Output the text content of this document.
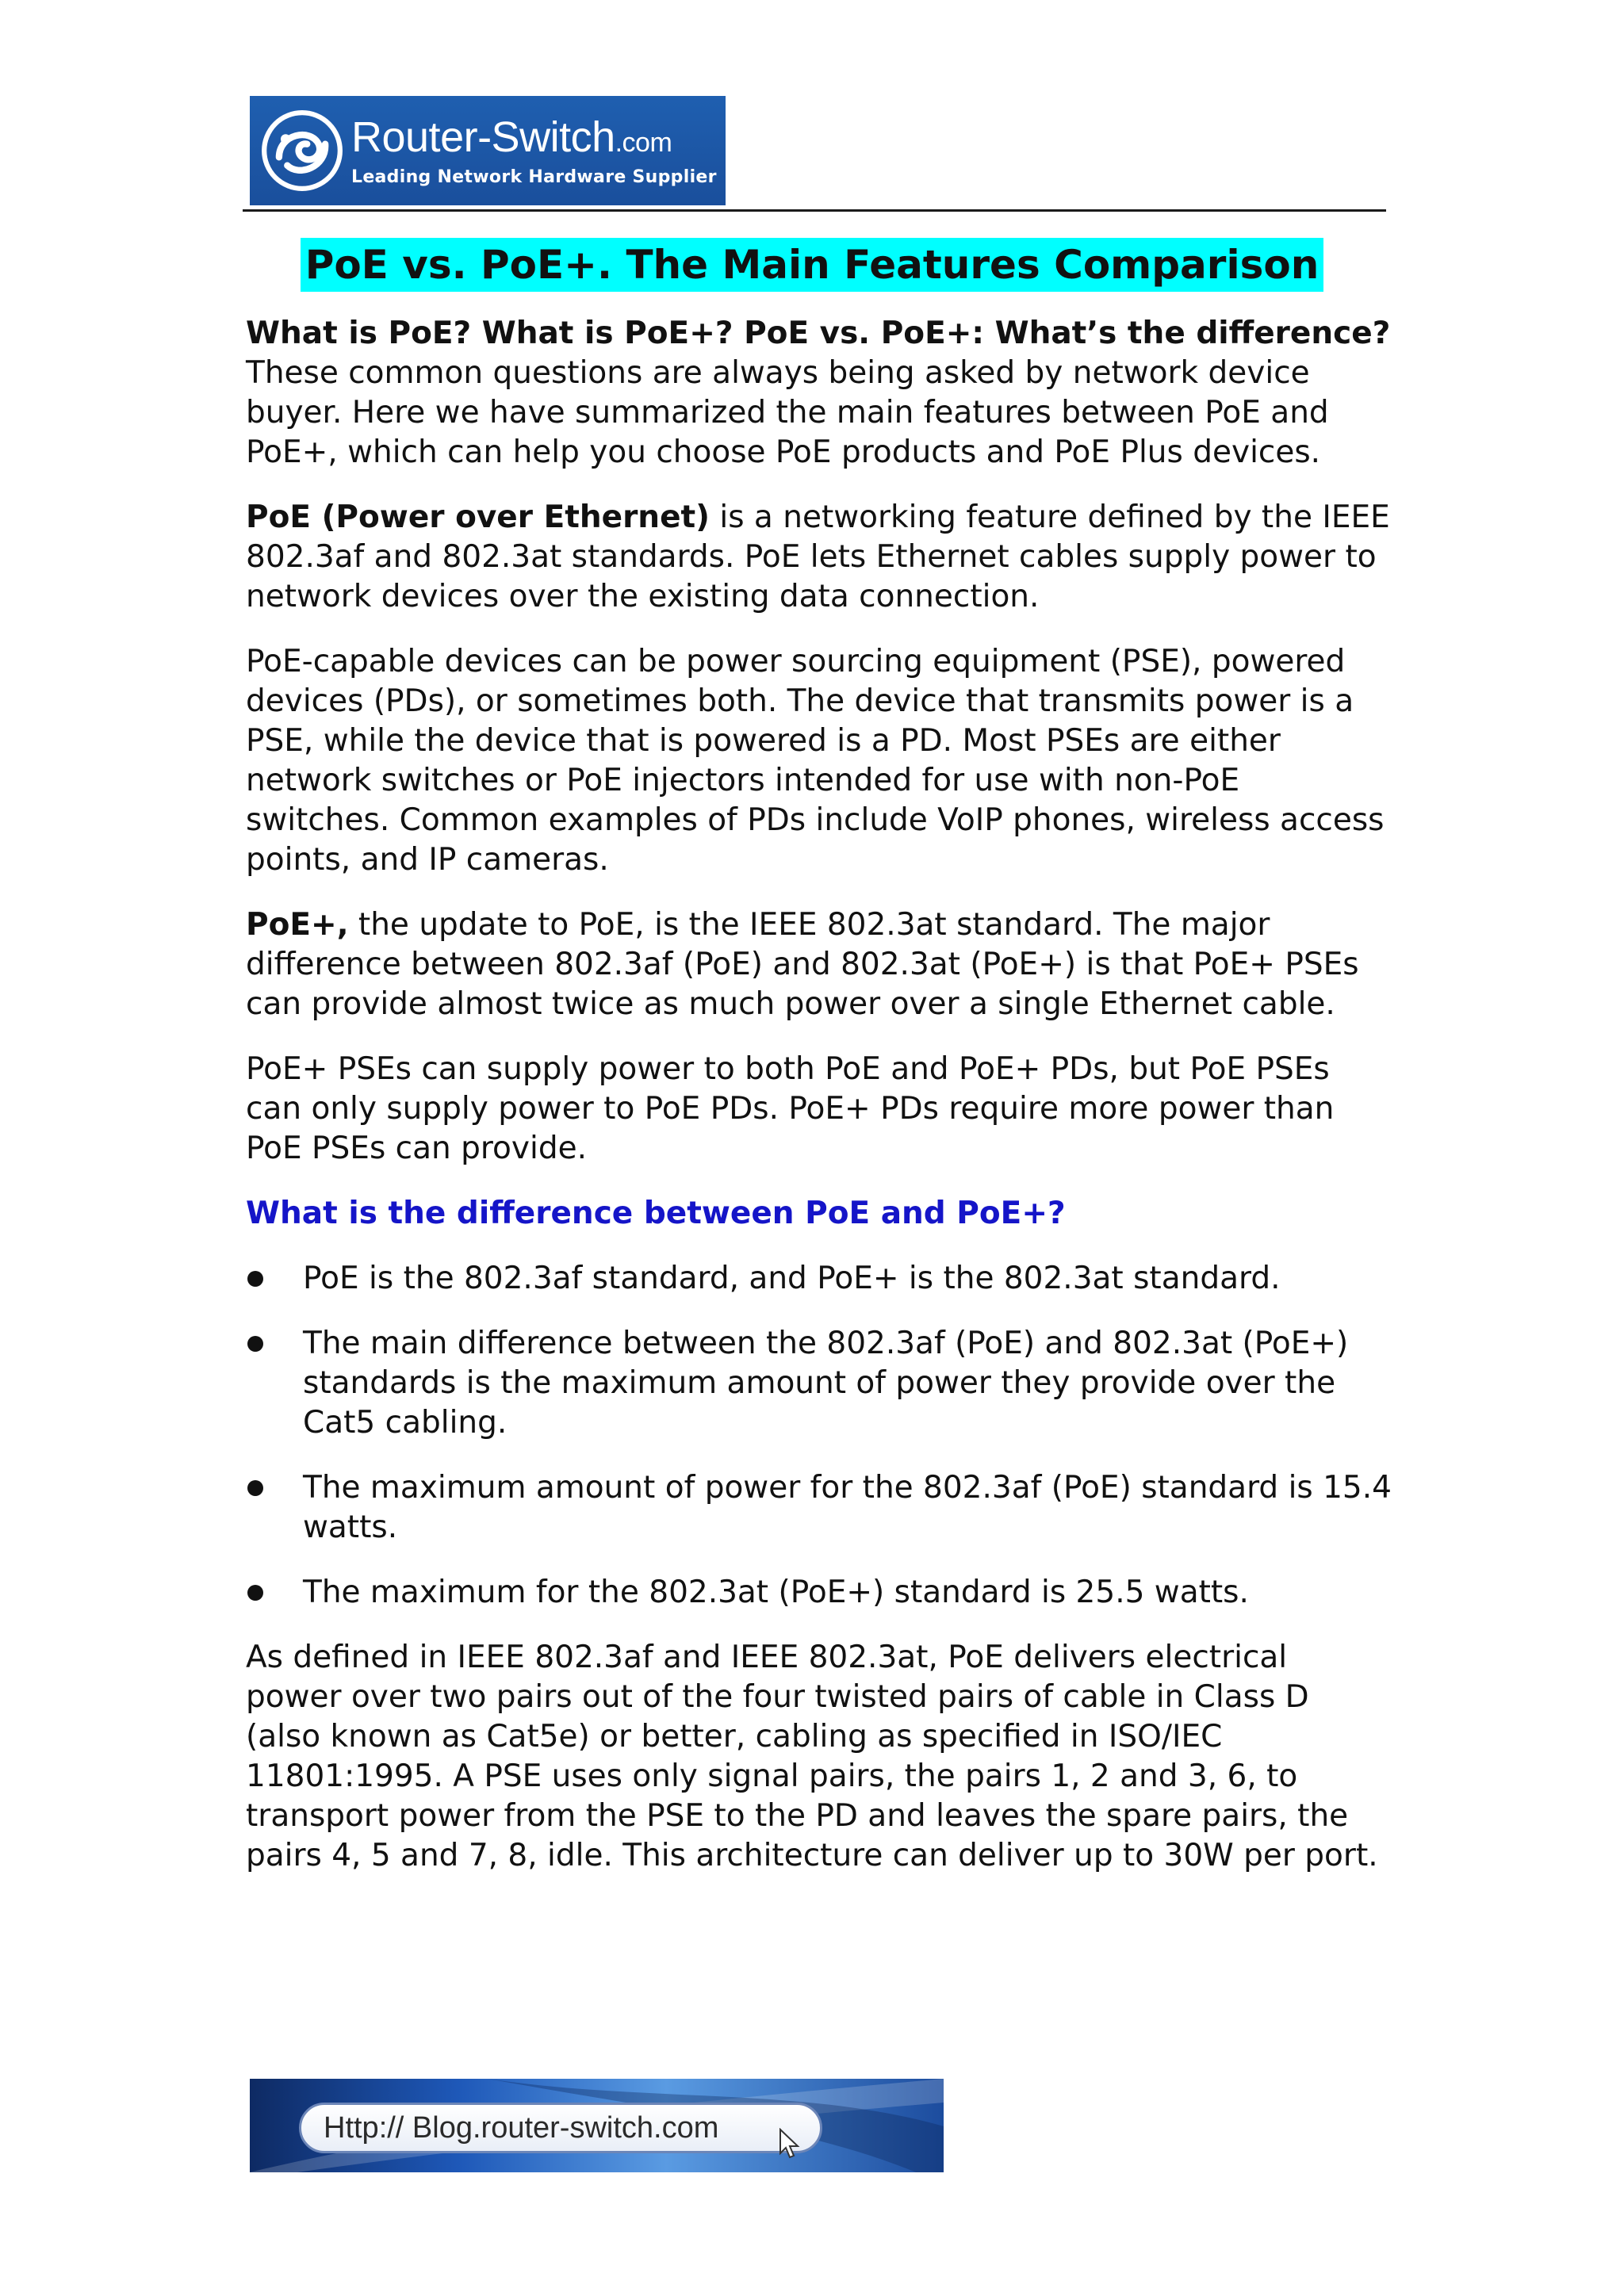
Router-Switch.com
Leading Network Hardware Supplier
PoE vs. PoE+. The Main Features Comparison

What is PoE? What is PoE+? PoE vs. PoE+: What’s the difference?
These common questions are always being asked by network device buyer. Here we have summarized the main features between PoE and PoE+, which can help you choose PoE products and PoE Plus devices.

PoE (Power over Ethernet) is a networking feature defined by the IEEE 802.3af and 802.3at standards. PoE lets Ethernet cables supply power to network devices over the existing data connection.

PoE-capable devices can be power sourcing equipment (PSE), powered devices (PDs), or sometimes both. The device that transmits power is a PSE, while the device that is powered is a PD. Most PSEs are either network switches or PoE injectors intended for use with non-PoE switches. Common examples of PDs include VoIP phones, wireless access points, and IP cameras.

PoE+, the update to PoE, is the IEEE 802.3at standard. The major difference between 802.3af (PoE) and 802.3at (PoE+) is that PoE+ PSEs can provide almost twice as much power over a single Ethernet cable.

PoE+ PSEs can supply power to both PoE and PoE+ PDs, but PoE PSEs can only supply power to PoE PDs. PoE+ PDs require more power than PoE PSEs can provide.

What is the difference between PoE and PoE+?
PoE is the 802.3af standard, and PoE+ is the 802.3at standard.
The main difference between the 802.3af (PoE) and 802.3at (PoE+) standards is the maximum amount of power they provide over the Cat5 cabling.
The maximum amount of power for the 802.3af (PoE) standard is 15.4 watts.
The maximum for the 802.3at (PoE+) standard is 25.5 watts.

As defined in IEEE 802.3af and IEEE 802.3at, PoE delivers electrical power over two pairs out of the four twisted pairs of cable in Class D (also known as Cat5e) or better, cabling as specified in ISO/IEC 11801:1995. A PSE uses only signal pairs, the pairs 1, 2 and 3, 6, to transport power from the PSE to the PD and leaves the spare pairs, the pairs 4, 5 and 7, 8, idle. This architecture can deliver up to 30W per port.

Http:// Blog.router-switch.com
